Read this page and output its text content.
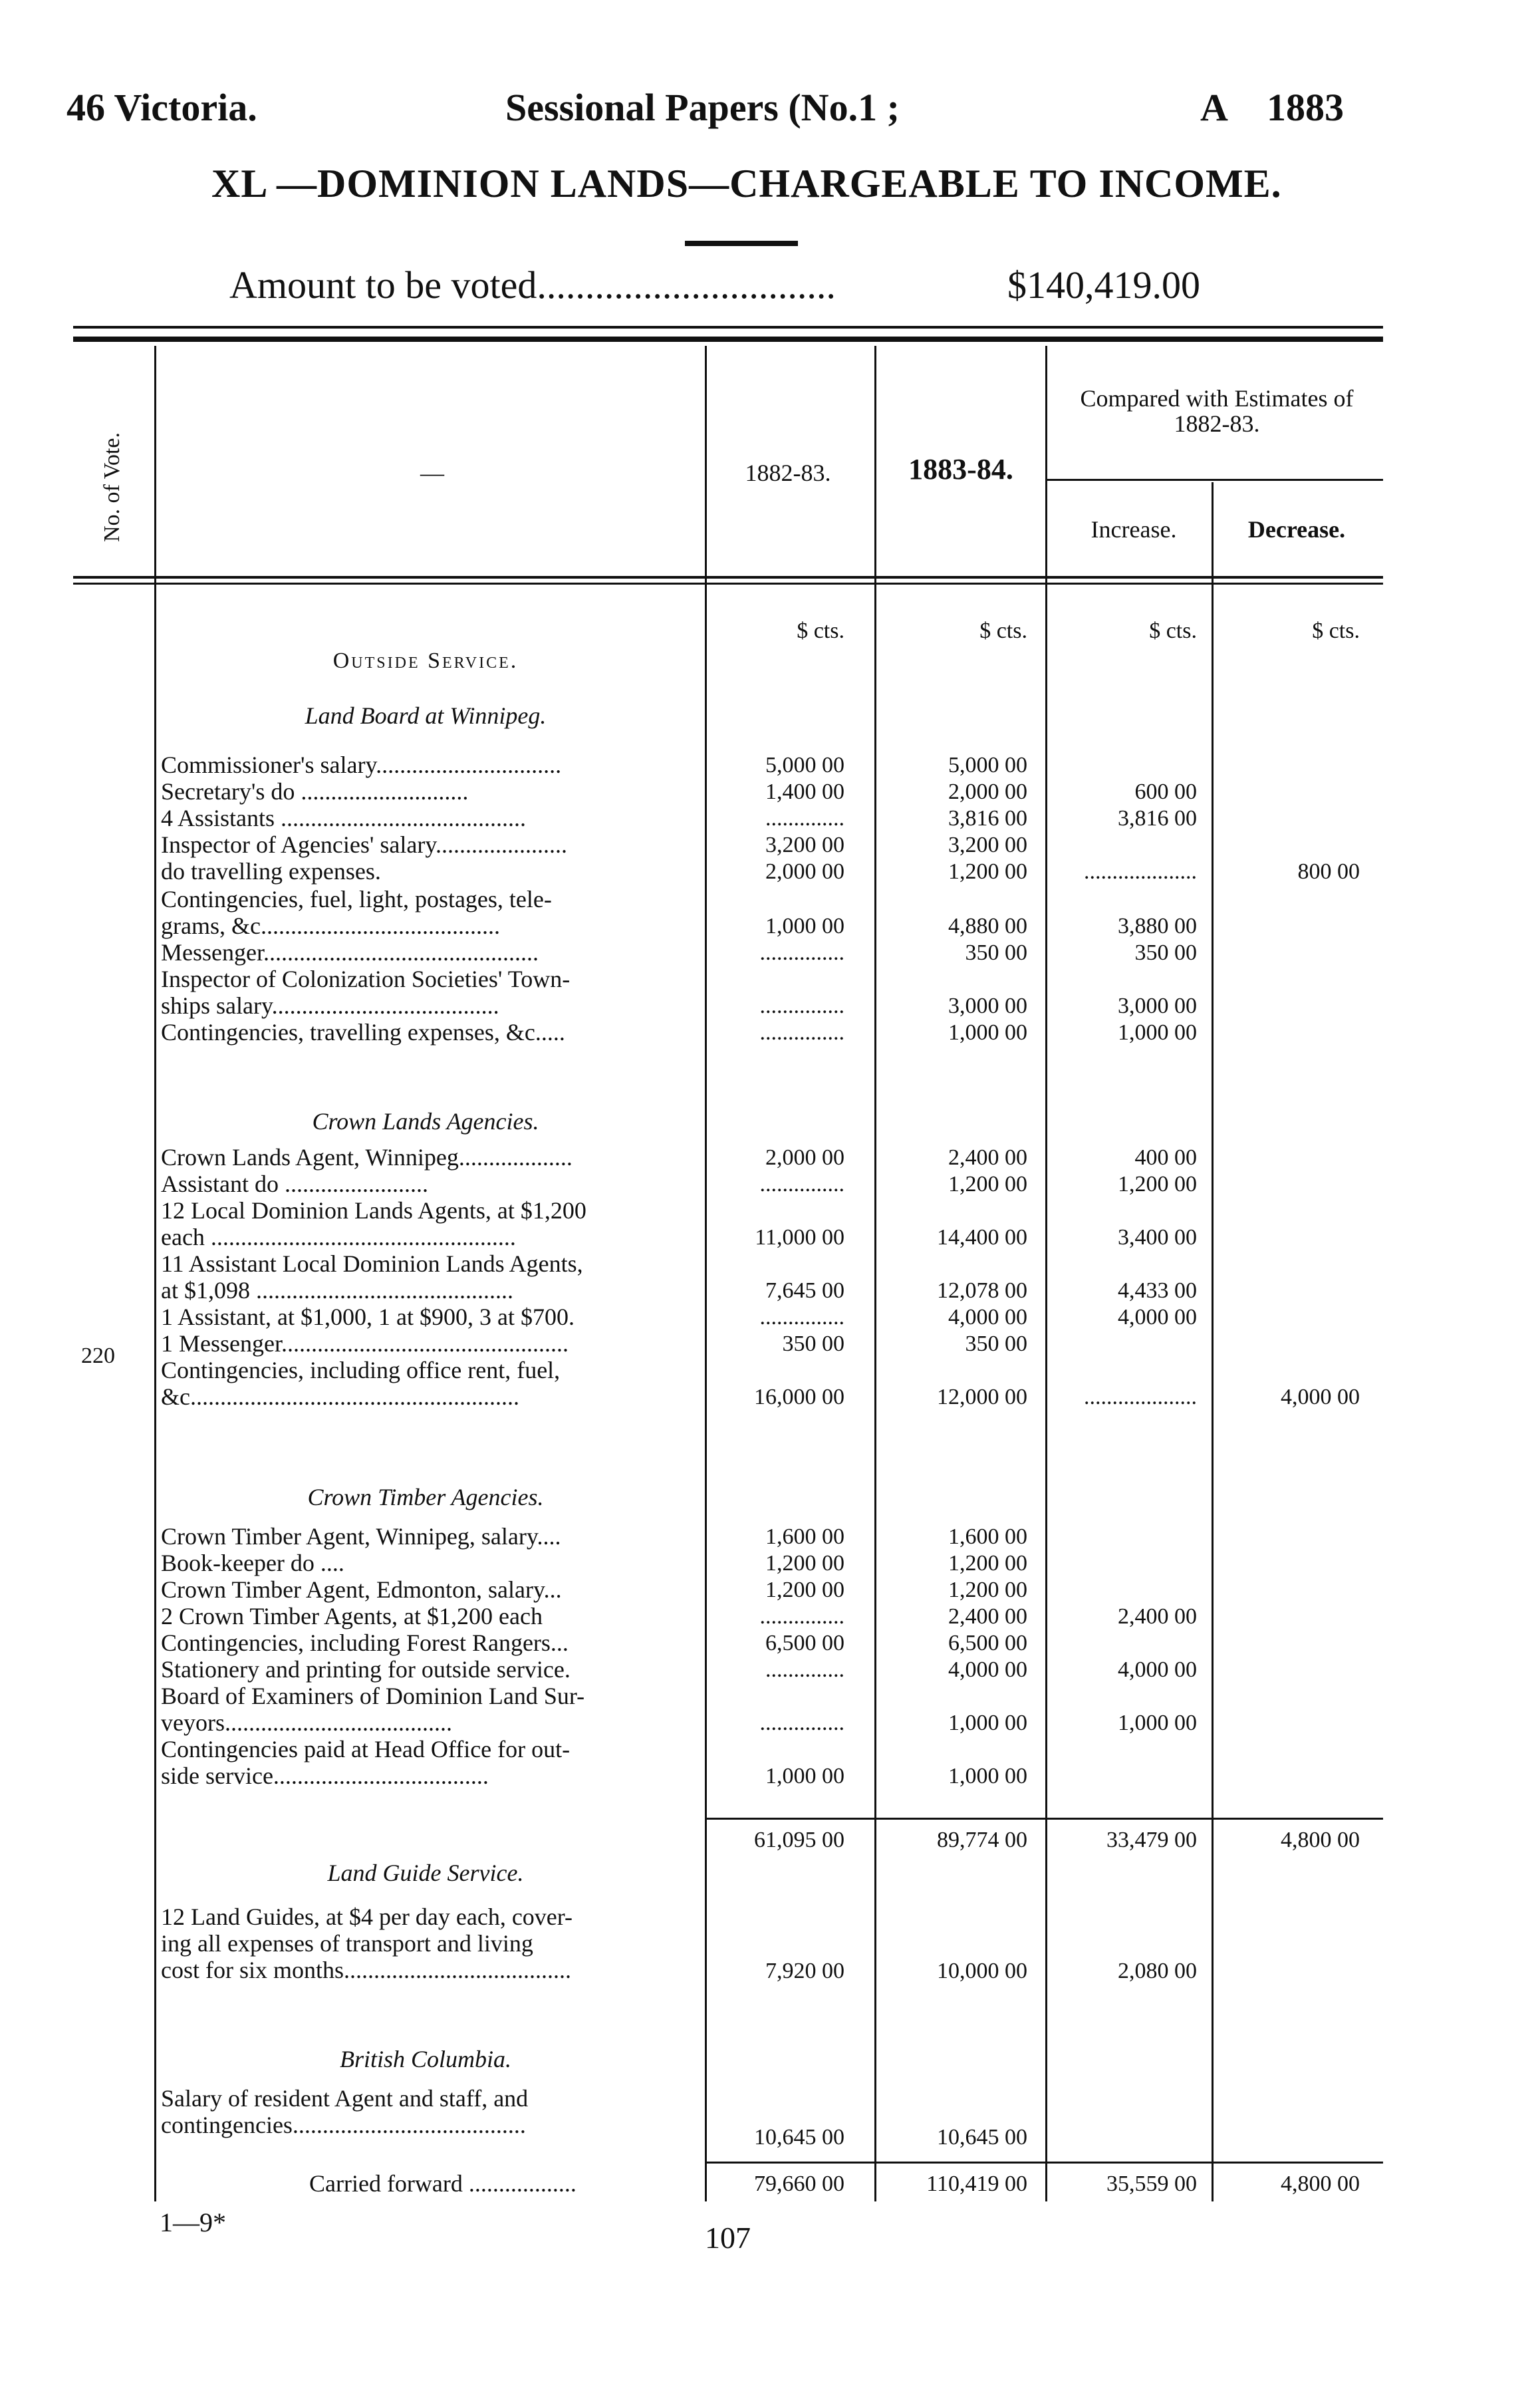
46 Victoria.	Sessional Papers (No.1 ;	A 1883
XL —DOMINION LANDS—CHARGEABLE TO INCOME.
Amount to be voted...............................	$140,419.00
No. of Vote.	—	1882-83.	1883-84.
Compared with Estimates of 1882-83.
Increase.	Decrease.
$ cts.	$ cts.	$ cts.	$ cts.
Outside Service.
Land Board at Winnipeg.
Crown Lands Agencies.
Crown Timber Agencies.
Land Guide Service.
British Columbia.
220
Commissioner's salary...............................	5,000 00	5,000 00
Secretary's do ............................	1,400 00	2,000 00	600 00
4 Assistants .........................................	..............	3,816 00	3,816 00
Inspector of Agencies' salary......................	3,200 00	3,200 00
do travelling expenses.	2,000 00	1,200 00	....................	800 00
Contingencies, fuel, light, postages, tele-
grams, &c........................................	1,000 00	4,880 00	3,880 00
Messenger..............................................	...............	350 00	350 00
Inspector of Colonization Societies' Town-
ships salary......................................	...............	3,000 00	3,000 00
Contingencies, travelling expenses, &c.....	...............	1,000 00	1,000 00
Crown Lands Agent, Winnipeg...................	2,000 00	2,400 00	400 00
Assistant do ........................	...............	1,200 00	1,200 00
12 Local Dominion Lands Agents, at $1,200
each ...................................................	11,000 00	14,400 00	3,400 00
11 Assistant Local Dominion Lands Agents,
at $1,098 ...........................................	7,645 00	12,078 00	4,433 00
1 Assistant, at $1,000, 1 at $900, 3 at $700.	...............	4,000 00	4,000 00
1 Messenger................................................	350 00	350 00
Contingencies, including office rent, fuel,
&c.......................................................	16,000 00	12,000 00	....................	4,000 00
Crown Timber Agent, Winnipeg, salary....	1,600 00	1,600 00
Book-keeper do ....	1,200 00	1,200 00
Crown Timber Agent, Edmonton, salary...	1,200 00	1,200 00
2 Crown Timber Agents, at $1,200 each	...............	2,400 00	2,400 00
Contingencies, including Forest Rangers...	6,500 00	6,500 00
Stationery and printing for outside service.	..............	4,000 00	4,000 00
Board of Examiners of Dominion Land Sur-
veyors......................................	...............	1,000 00	1,000 00
Contingencies paid at Head Office for out-
side service....................................	1,000 00	1,000 00
61,095 00	89,774 00	33,479 00	4,800 00
12 Land Guides, at $4 per day each, cover-
ing all expenses of transport and living
cost for six months......................................	7,920 00	10,000 00	2,080 00
Salary of resident Agent and staff, and
contingencies.......................................	10,645 00	10,645 00
Carried forward ..................	79,660 00	110,419 00	35,559 00	4,800 00
1—9*	107
